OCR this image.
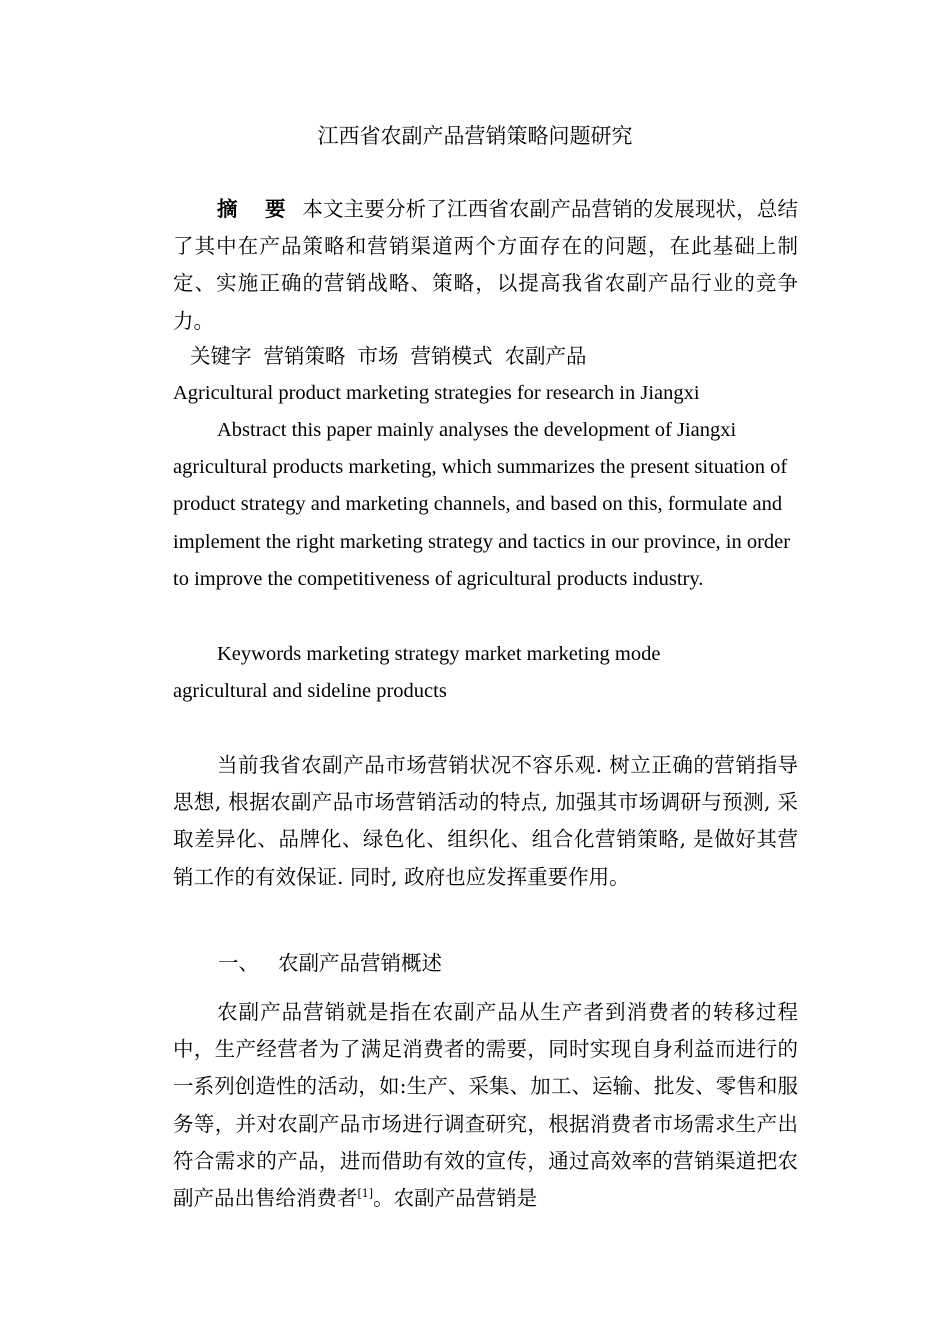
江西省农副产品营销策略问题研究
摘 要 本文主要分析了江西省农副产品营销的发展现状，总结了其中在产品策略和营销渠道两个方面存在的问题，在此基础上制定、实施正确的营销战略、策略，以提高我省农副产品行业的竞争力。
关键字 营销策略 市场 营销模式 农副产品
Agricultural product marketing strategies for research in Jiangxi
Abstract this paper mainly analyses the development of Jiangxi agricultural products marketing, which summarizes the present situation of product strategy and marketing channels, and based on this, formulate and implement the right marketing strategy and tactics in our province, in order to improve the competitiveness of agricultural products industry.
Keywords marketing strategy market marketing mode agricultural and sideline products
当前我省农副产品市场营销状况不容乐观. 树立正确的营销指导思想, 根据农副产品市场营销活动的特点, 加强其市场调研与预测, 采取差异化、品牌化、绿色化、组织化、组合化营销策略, 是做好其营销工作的有效保证. 同时, 政府也应发挥重要作用。
一、 农副产品营销概述
农副产品营销就是指在农副产品从生产者到消费者的转移过程中，生产经营者为了满足消费者的需要，同时实现自身利益而进行的一系列创造性的活动，如:生产、采集、加工、运输、批发、零售和服务等，并对农副产品市场进行调查研究，根据消费者市场需求生产出符合需求的产品，进而借助有效的宣传，通过高效率的营销渠道把农副产品出售给消费者[1]。农副产品营销是
